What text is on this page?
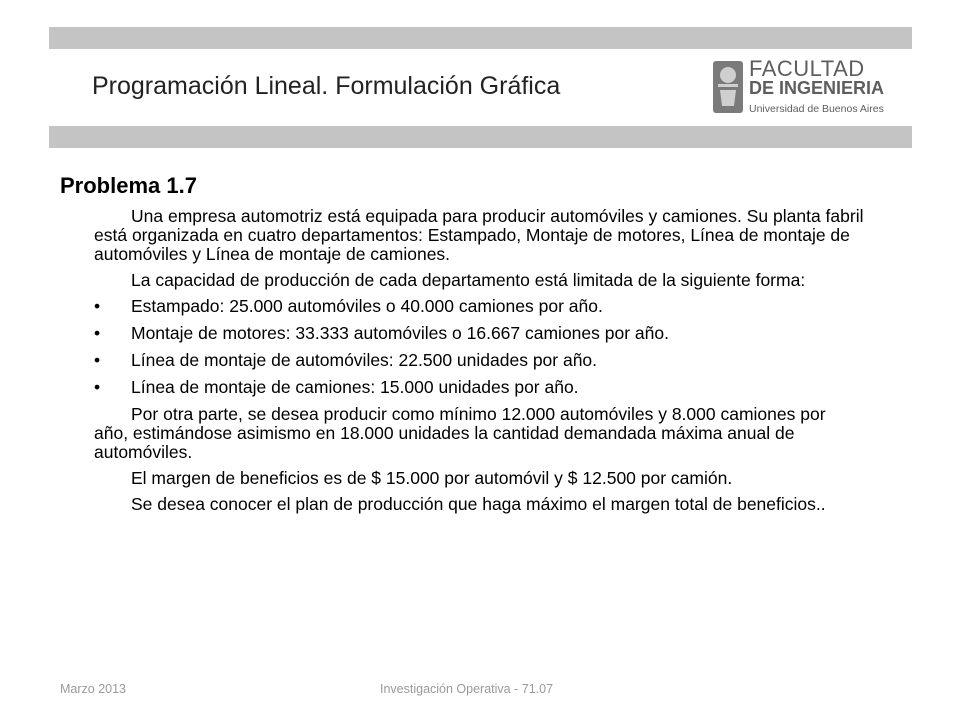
Programación Lineal. Formulación Gráfica
FACULTAD
DE INGENIERIA
Universidad de Buenos Aires
Problema 1.7

Una empresa automotriz está equipada para producir automóviles y camiones. Su planta fabril está organizada en cuatro departamentos: Estampado, Montaje de motores, Línea de montaje de automóviles y Línea de montaje de camiones.

La capacidad de producción de cada departamento está limitada de la siguiente forma:

• Estampado: 25.000 automóviles o 40.000 camiones por año.
• Montaje de motores: 33.333 automóviles o 16.667 camiones por año.
• Línea de montaje de automóviles: 22.500 unidades por año.
• Línea de montaje de camiones: 15.000 unidades por año.

Por otra parte, se desea producir como mínimo 12.000 automóviles y 8.000 camiones por año, estimándose asimismo en 18.000 unidades la cantidad demandada máxima anual de automóviles.

El margen de beneficios es de $ 15.000 por automóvil y $ 12.500 por camión.

Se desea conocer el plan de producción que haga máximo el margen total de beneficios..

Marzo 2013	Investigación Operativa - 71.07
